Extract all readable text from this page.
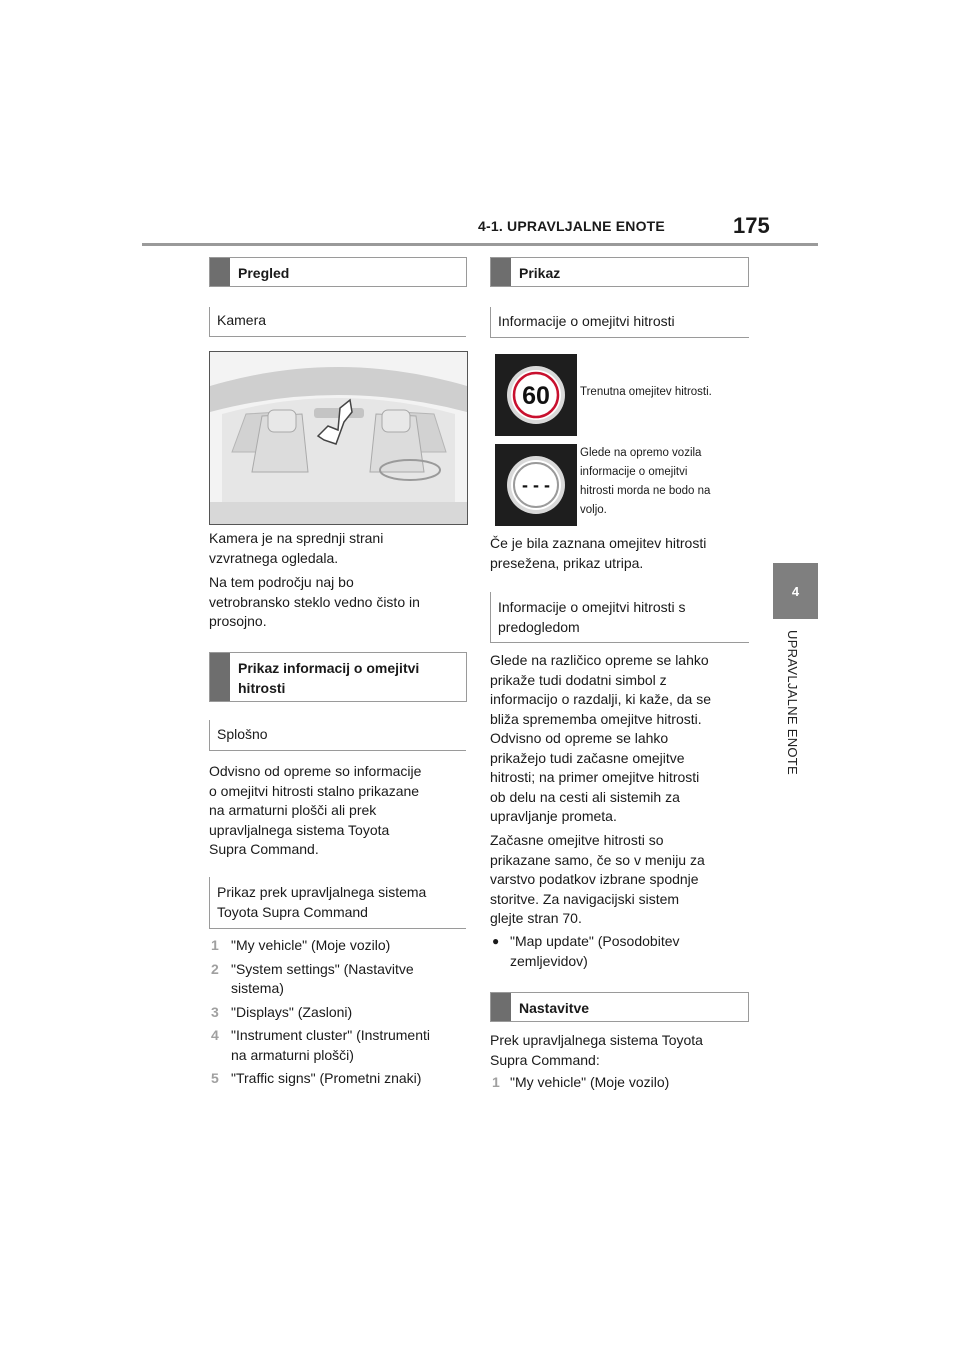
4-1. UPRAVLJALNE ENOTE	175
4
UPRAVLJALNE ENOTE
Pregled
Kamera
Kamera je na sprednji strani
vzvratnega ogledala.
Na tem področju naj bo
vetrobransko steklo vedno čisto in
prosojno.
Prikaz informacij o omejitvi
hitrosti
Splošno
Odvisno od opreme so informacije
o omejitvi hitrosti stalno prikazane
na armaturni plošči ali prek
upravljalnega sistema Toyota
Supra Command.
Prikaz prek upravljalnega sistema
Toyota Supra Command
1 "My vehicle" (Moje vozilo)
2 "System settings" (Nastavitve
sistema)
3 "Displays" (Zasloni)
4 "Instrument cluster" (Instrumenti
na armaturni plošči)
5 "Traffic signs" (Prometni znaki)
Prikaz
Informacije o omejitvi hitrosti
60	Trenutna omejitev hitrosti.
- - -
Glede na opremo vozila
informacije o omejitvi
hitrosti morda ne bodo na
voljo.
Če je bila zaznana omejitev hitrosti
presežena, prikaz utripa.
Informacije o omejitvi hitrosti s
predogledom
Glede na različico opreme se lahko
prikaže tudi dodatni simbol z
informacijo o razdalji, ki kaže, da se
bliža sprememba omejitve hitrosti.
Odvisno od opreme se lahko
prikažejo tudi začasne omejitve
hitrosti; na primer omejitve hitrosti
ob delu na cesti ali sistemih za
upravljanje prometa.
Začasne omejitve hitrosti so
prikazane samo, če so v meniju za
varstvo podatkov izbrane spodnje
storitve. Za navigacijski sistem
glejte stran 70.
● "Map update" (Posodobitev
zemljevidov)
Nastavitve
Prek upravljalnega sistema Toyota
Supra Command:
1 "My vehicle" (Moje vozilo)
